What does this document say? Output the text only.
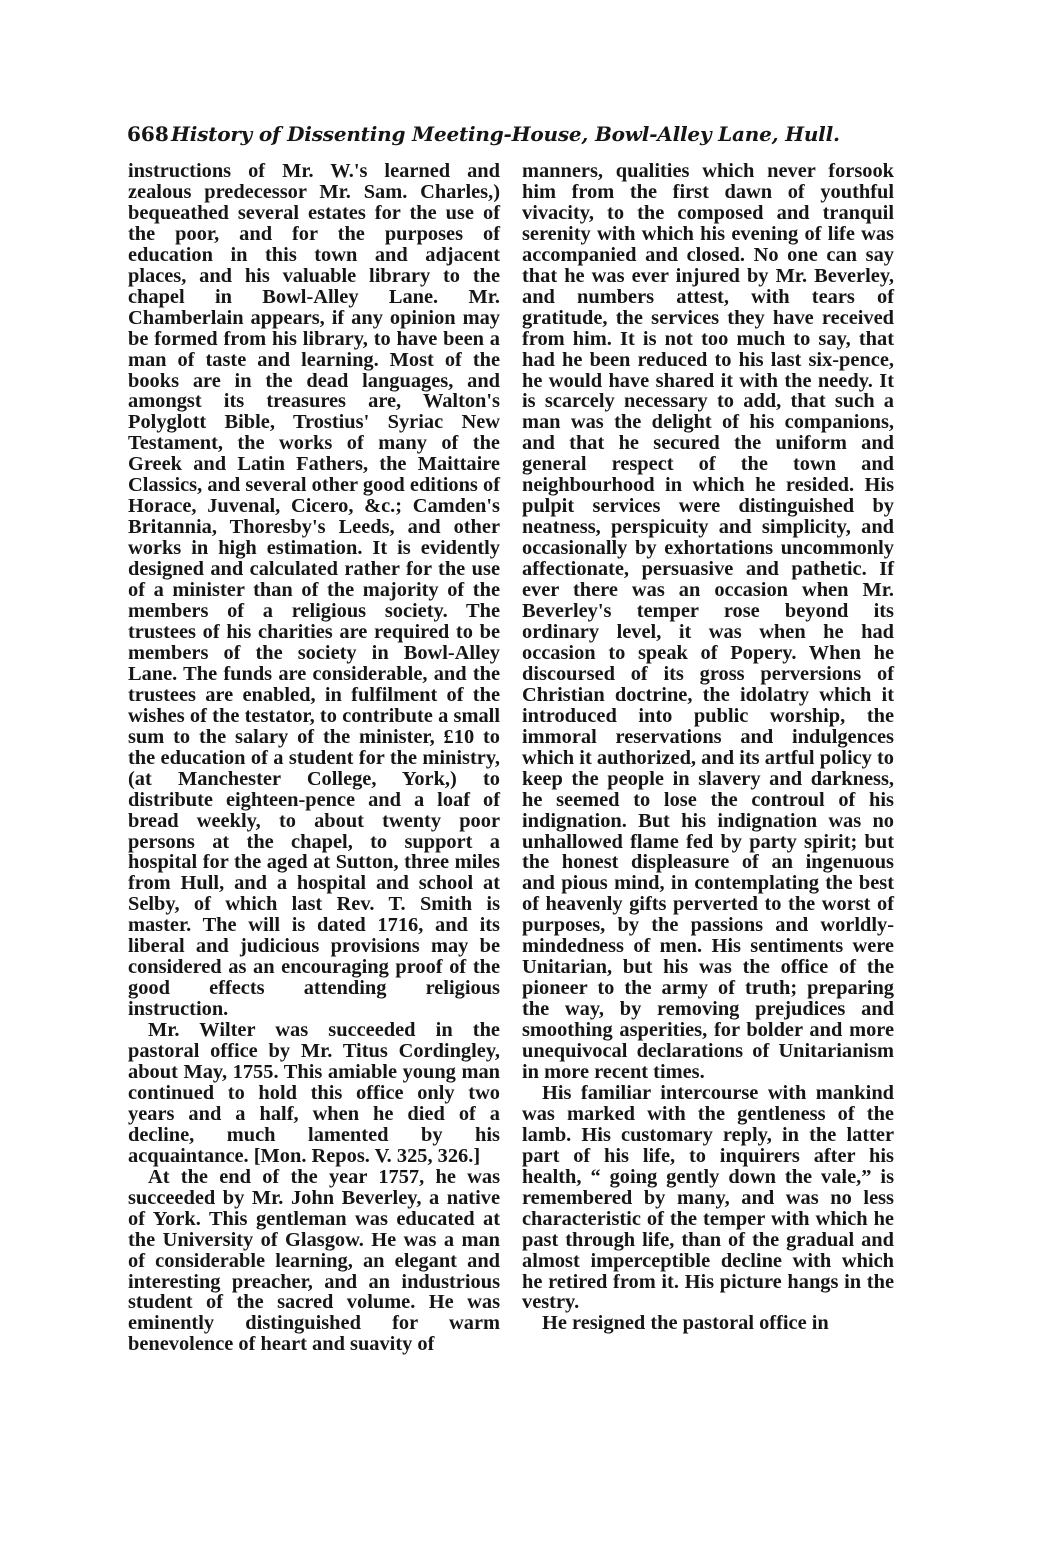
668 History of Dissenting Meeting-House, Bowl-Alley Lane, Hull.

instructions of Mr. W.'s learned and zealous predecessor Mr. Sam. Charles,) bequeathed several estates for the use of the poor, and for the purposes of education in this town and adjacent places, and his valuable library to the chapel in Bowl-Alley Lane. Mr. Chamberlain appears, if any opinion may be formed from his library, to have been a man of taste and learning. Most of the books are in the dead languages, and amongst its treasures are, Walton's Polyglott Bible, Trostius' Syriac New Testament, the works of many of the Greek and Latin Fathers, the Maittaire Classics, and several other good editions of Horace, Juvenal, Cicero, &c.; Camden's Britannia, Thoresby's Leeds, and other works in high estimation. It is evidently designed and calculated rather for the use of a minister than of the majority of the members of a religious society. The trustees of his charities are required to be members of the society in Bowl-Alley Lane. The funds are considerable, and the trustees are enabled, in fulfilment of the wishes of the testator, to contribute a small sum to the salary of the minister, £10 to the education of a student for the ministry, (at Manchester College, York,) to distribute eighteen-pence and a loaf of bread weekly, to about twenty poor persons at the chapel, to support a hospital for the aged at Sutton, three miles from Hull, and a hospital and school at Selby, of which last Rev. T. Smith is master. The will is dated 1716, and its liberal and judicious provisions may be considered as an encouraging proof of the good effects attending religious instruction.

Mr. Wilter was succeeded in the pastoral office by Mr. Titus Cordingley, about May, 1755. This amiable young man continued to hold this office only two years and a half, when he died of a decline, much lamented by his acquaintance. [Mon. Repos. V. 325, 326.]

At the end of the year 1757, he was succeeded by Mr. John Beverley, a native of York. This gentleman was educated at the University of Glasgow. He was a man of considerable learning, an elegant and interesting preacher, and an industrious student of the sacred volume. He was eminently distinguished for warm benevolence of heart and suavity of

manners, qualities which never forsook him from the first dawn of youthful vivacity, to the composed and tranquil serenity with which his evening of life was accompanied and closed. No one can say that he was ever injured by Mr. Beverley, and numbers attest, with tears of gratitude, the services they have received from him. It is not too much to say, that had he been reduced to his last six-pence, he would have shared it with the needy. It is scarcely necessary to add, that such a man was the delight of his companions, and that he secured the uniform and general respect of the town and neighbourhood in which he resided. His pulpit services were distinguished by neatness, perspicuity and simplicity, and occasionally by exhortations uncommonly affectionate, persuasive and pathetic. If ever there was an occasion when Mr. Beverley's temper rose beyond its ordinary level, it was when he had occasion to speak of Popery. When he discoursed of its gross perversions of Christian doctrine, the idolatry which it introduced into public worship, the immoral reservations and indulgences which it authorized, and its artful policy to keep the people in slavery and darkness, he seemed to lose the controul of his indignation. But his indignation was no unhallowed flame fed by party spirit; but the honest displeasure of an ingenuous and pious mind, in contemplating the best of heavenly gifts perverted to the worst of purposes, by the passions and worldly-mindedness of men. His sentiments were Unitarian, but his was the office of the pioneer to the army of truth; preparing the way, by removing prejudices and smoothing asperities, for bolder and more unequivocal declarations of Unitarianism in more recent times.

His familiar intercourse with mankind was marked with the gentleness of the lamb. His customary reply, in the latter part of his life, to inquirers after his health, “ going gently down the vale,” is remembered by many, and was no less characteristic of the temper with which he past through life, than of the gradual and almost imperceptible decline with which he retired from it. His picture hangs in the vestry.

He resigned the pastoral office in
